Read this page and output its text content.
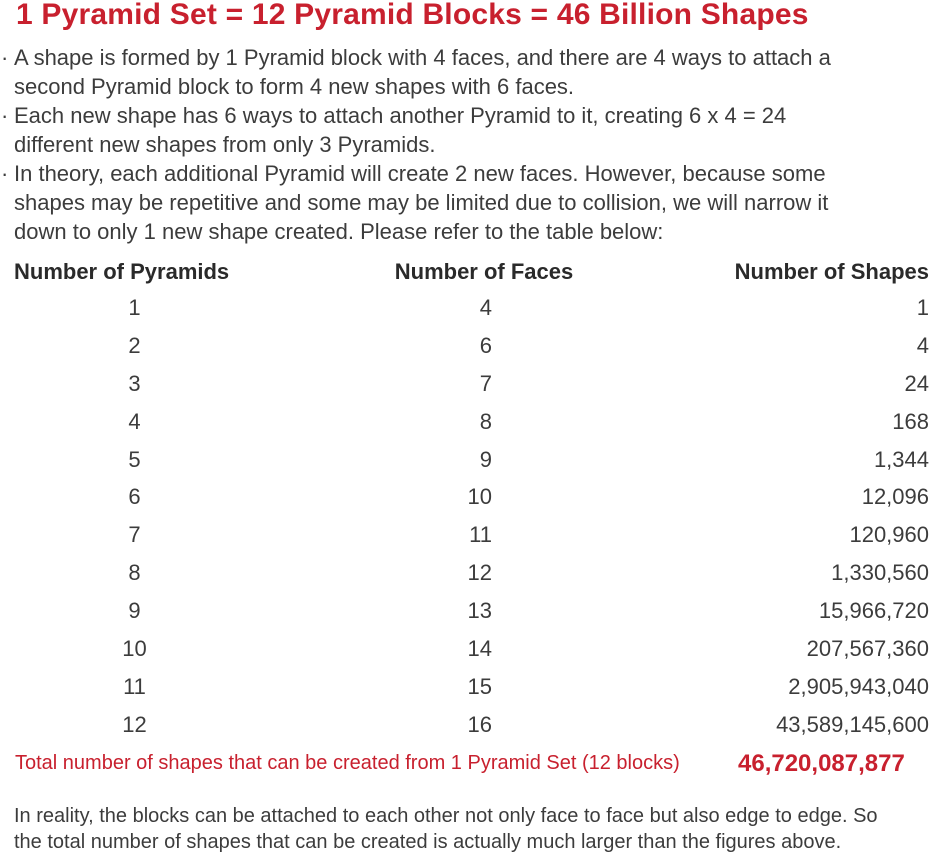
1 Pyramid Set = 12 Pyramid Blocks = 46 Billion Shapes
· A shape is formed by 1 Pyramid block with 4 faces, and there are 4 ways to attach a
second Pyramid block to form 4 new shapes with 6 faces.
· Each new shape has 6 ways to attach another Pyramid to it, creating 6 x 4 = 24
different new shapes from only 3 Pyramids.
· In theory, each additional Pyramid will create 2 new faces. However, because some
shapes may be repetitive and some may be limited due to collision, we will narrow it
down to only 1 new shape created. Please refer to the table below:
Number of Pyramids	Number of Faces	Number of Shapes
1	4	1
2	6	4
3	7	24
4	8	168
5	9	1,344
6	10	12,096
7	11	120,960
8	12	1,330,560
9	13	15,966,720
10	14	207,567,360
11	15	2,905,943,040
12	16	43,589,145,600
Total number of shapes that can be created from 1 Pyramid Set (12 blocks) 46,720,087,877
In reality, the blocks can be attached to each other not only face to face but also edge to edge. So
the total number of shapes that can be created is actually much larger than the figures above.
